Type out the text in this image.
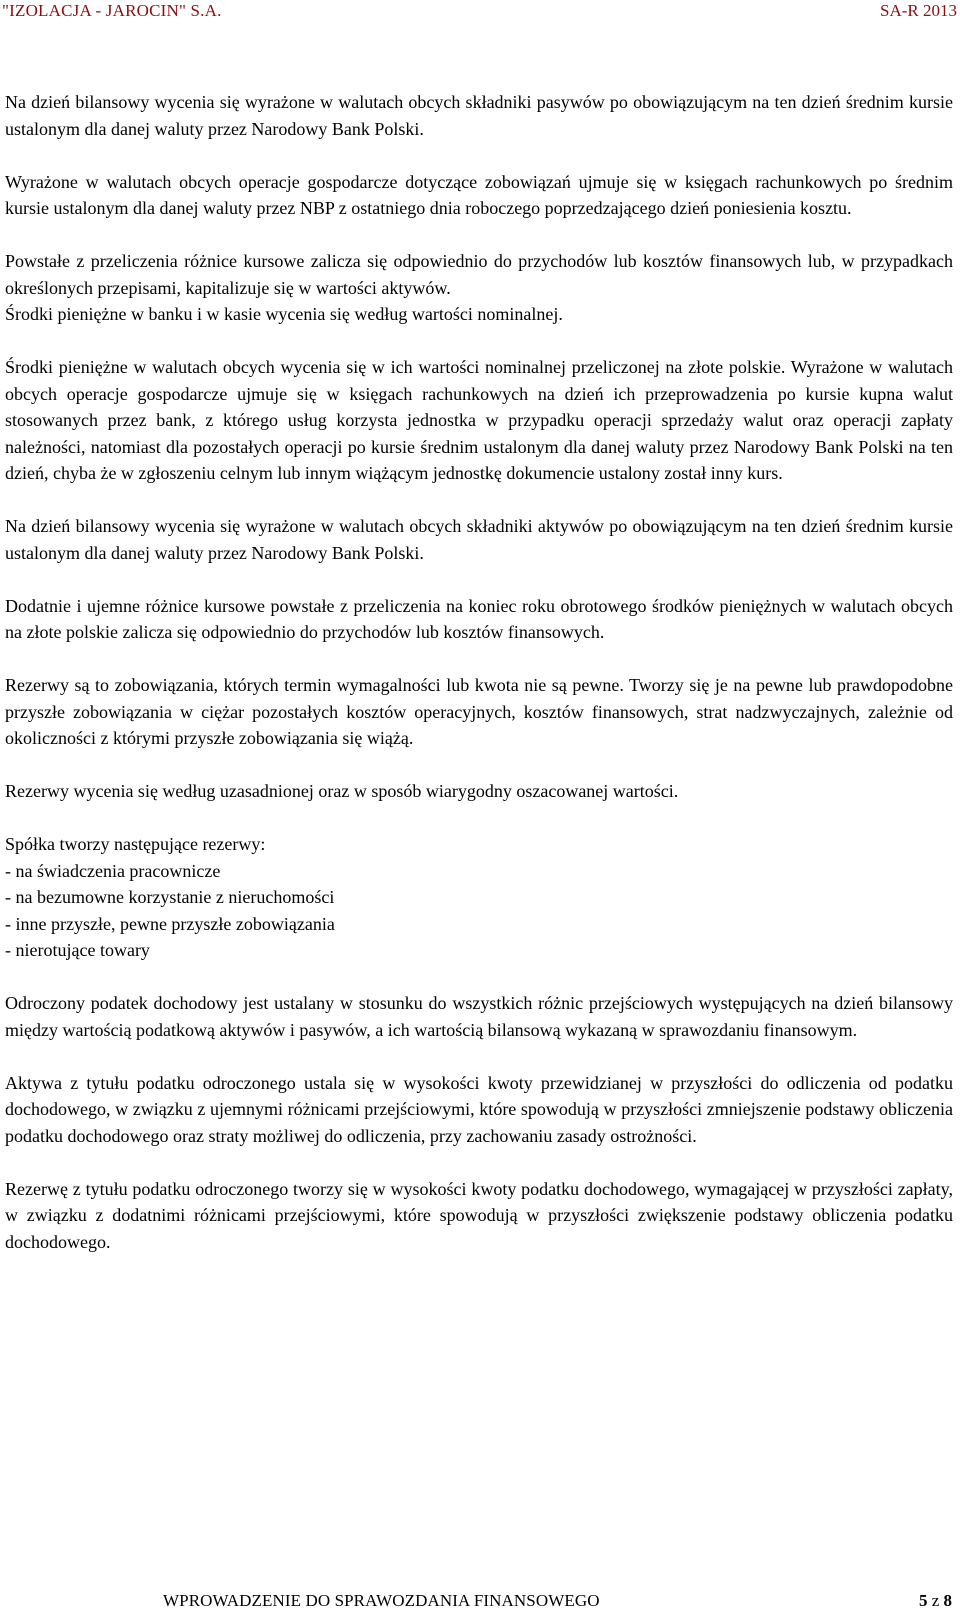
"IZOLACJA - JAROCIN" S.A.	SA-R 2013

Na dzień bilansowy wycenia się wyrażone w walutach obcych składniki pasywów po obowiązującym na ten dzień średnim kursie ustalonym dla danej waluty przez Narodowy Bank Polski.

Wyrażone w walutach obcych operacje gospodarcze dotyczące zobowiązań ujmuje się w księgach rachunkowych po średnim kursie ustalonym dla danej waluty przez NBP z ostatniego dnia roboczego poprzedzającego dzień poniesienia kosztu.

Powstałe z przeliczenia różnice kursowe zalicza się odpowiednio do przychodów lub kosztów finansowych lub, w przypadkach określonych przepisami, kapitalizuje się w wartości aktywów.

Środki pieniężne w banku i w kasie wycenia się według wartości nominalnej.

Środki pieniężne w walutach obcych wycenia się w ich wartości nominalnej przeliczonej na złote polskie. Wyrażone w walutach obcych operacje gospodarcze ujmuje się w księgach rachunkowych na dzień ich przeprowadzenia po kursie kupna walut stosowanych przez bank, z którego usług korzysta jednostka w przypadku operacji sprzedaży walut oraz operacji zapłaty należności, natomiast dla pozostałych operacji po kursie średnim ustalonym dla danej waluty przez Narodowy Bank Polski na ten dzień, chyba że w zgłoszeniu celnym lub innym wiążącym jednostkę dokumencie ustalony został inny kurs.

Na dzień bilansowy wycenia się wyrażone w walutach obcych składniki aktywów po obowiązującym na ten dzień średnim kursie ustalonym dla danej waluty przez Narodowy Bank Polski.

Dodatnie i ujemne różnice kursowe powstałe z przeliczenia na koniec roku obrotowego środków pieniężnych w walutach obcych na złote polskie zalicza się odpowiednio do przychodów lub kosztów finansowych.

Rezerwy są to zobowiązania, których termin wymagalności lub kwota nie są pewne. Tworzy się je na pewne lub prawdopodobne przyszłe zobowiązania w ciężar pozostałych kosztów operacyjnych, kosztów finansowych, strat nadzwyczajnych, zależnie od okoliczności z którymi przyszłe zobowiązania się wiążą.

Rezerwy wycenia się według uzasadnionej oraz w sposób wiarygodny oszacowanej wartości.

Spółka tworzy następujące rezerwy:
- na świadczenia pracownicze
- na bezumowne korzystanie z nieruchomości
- inne przyszłe, pewne przyszłe zobowiązania
- nierotujące towary

Odroczony podatek dochodowy jest ustalany w stosunku do wszystkich różnic przejściowych występujących na dzień bilansowy między wartością podatkową aktywów i pasywów, a ich wartością bilansową wykazaną w sprawozdaniu finansowym.

Aktywa z tytułu podatku odroczonego ustala się w wysokości kwoty przewidzianej w przyszłości do odliczenia od podatku dochodowego, w związku z ujemnymi różnicami przejściowymi, które spowodują w przyszłości zmniejszenie podstawy obliczenia podatku dochodowego oraz straty możliwej do odliczenia, przy zachowaniu zasady ostrożności.

Rezerwę z tytułu podatku odroczonego tworzy się w wysokości kwoty podatku dochodowego, wymagającej w przyszłości zapłaty, w związku z dodatnimi różnicami przejściowymi, które spowodują w przyszłości zwiększenie podstawy obliczenia podatku dochodowego.

WPROWADZENIE DO SPRAWOZDANIA FINANSOWEGO	5 z 8
